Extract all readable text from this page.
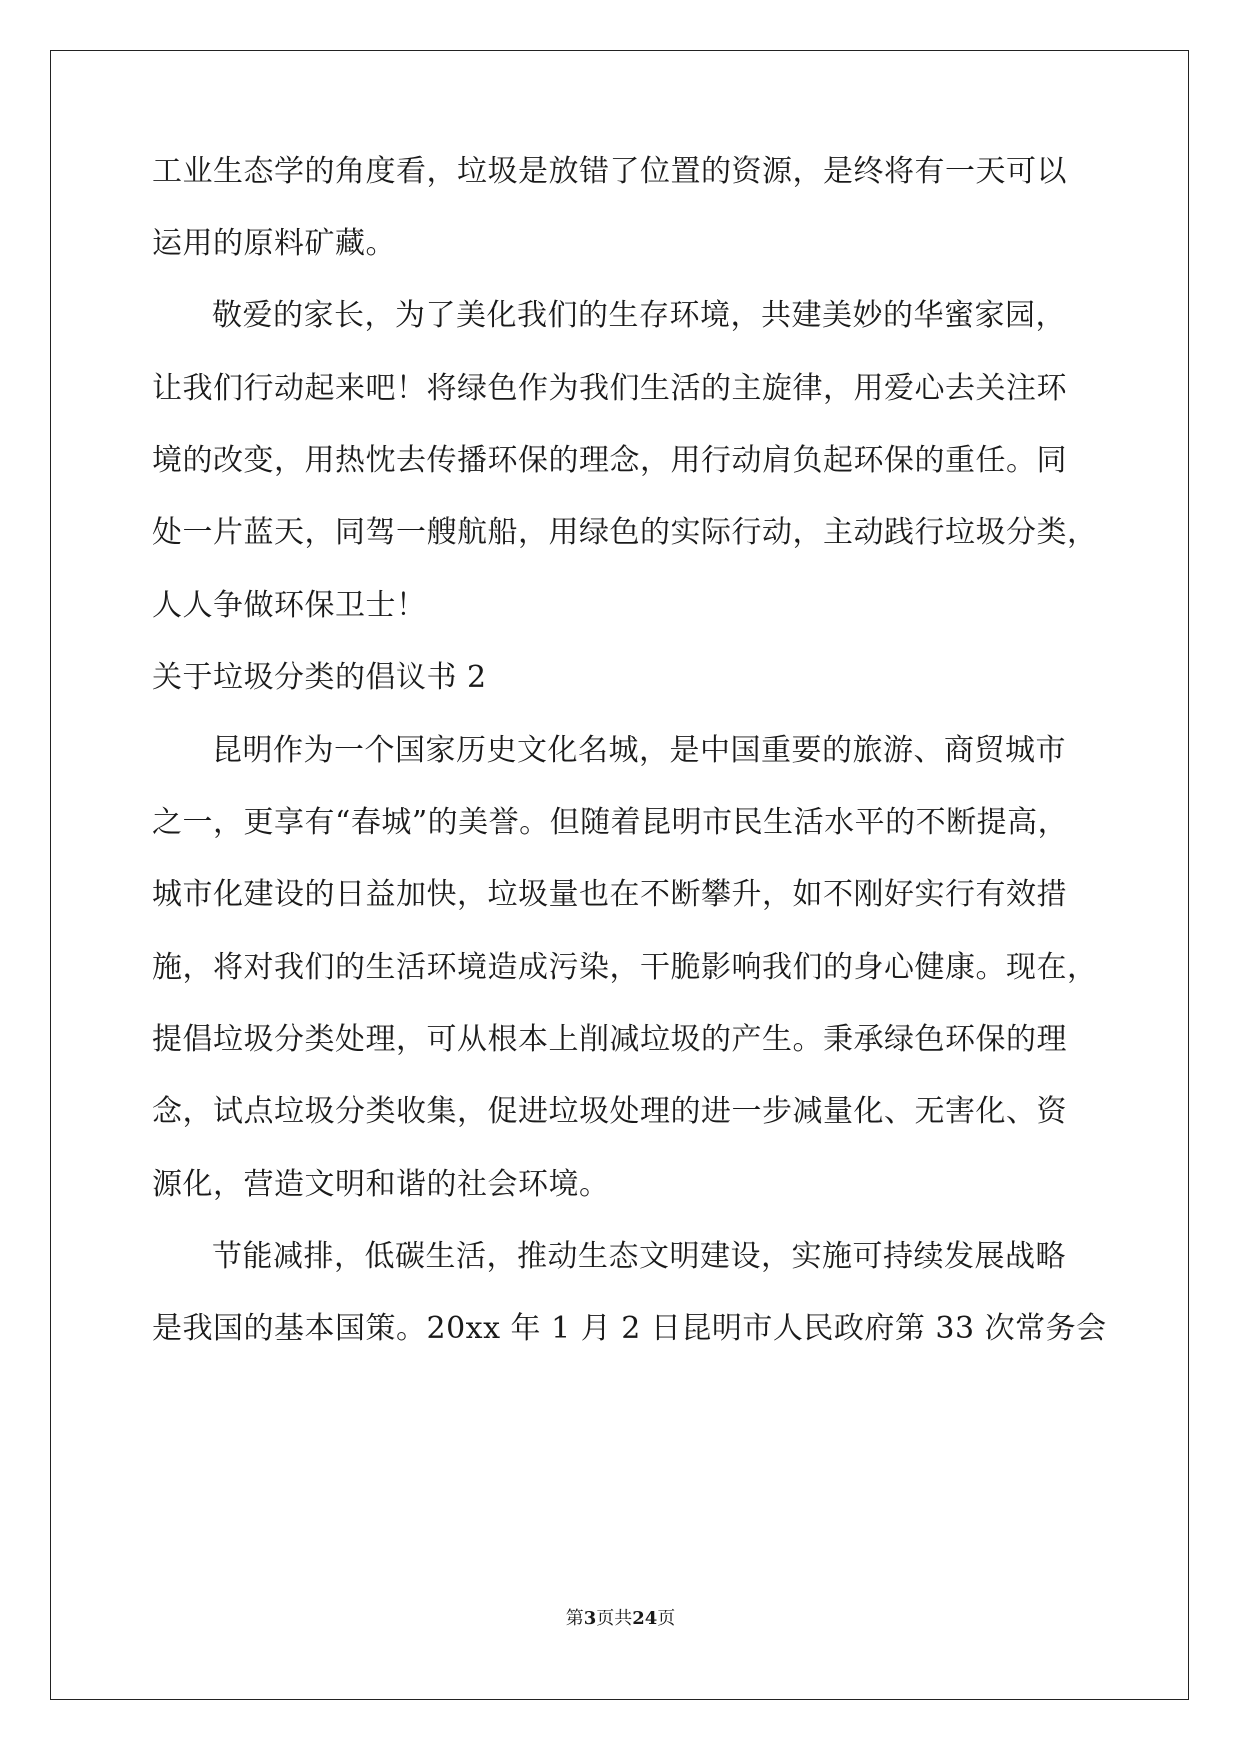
工业生态学的角度看，垃圾是放错了位置的资源，是终将有一天可以
运用的原料矿藏。
敬爱的家长，为了美化我们的生存环境，共建美妙的华蜜家园，
让我们行动起来吧！将绿色作为我们生活的主旋律，用爱心去关注环
境的改变，用热忱去传播环保的理念，用行动肩负起环保的重任。同
处一片蓝天，同驾一艘航船，用绿色的实际行动，主动践行垃圾分类，
人人争做环保卫士！
关于垃圾分类的倡议书 2
昆明作为一个国家历史文化名城，是中国重要的旅游、商贸城市
之一，更享有“春城”的美誉。但随着昆明市民生活水平的不断提高，
城市化建设的日益加快，垃圾量也在不断攀升，如不刚好实行有效措
施，将对我们的生活环境造成污染，干脆影响我们的身心健康。现在，
提倡垃圾分类处理，可从根本上削减垃圾的产生。秉承绿色环保的理
念，试点垃圾分类收集，促进垃圾处理的进一步减量化、无害化、资
源化，营造文明和谐的社会环境。
节能减排，低碳生活，推动生态文明建设，实施可持续发展战略
是我国的基本国策。20xx 年 1 月 2 日昆明市人民政府第 33 次常务会
第3页共24页
